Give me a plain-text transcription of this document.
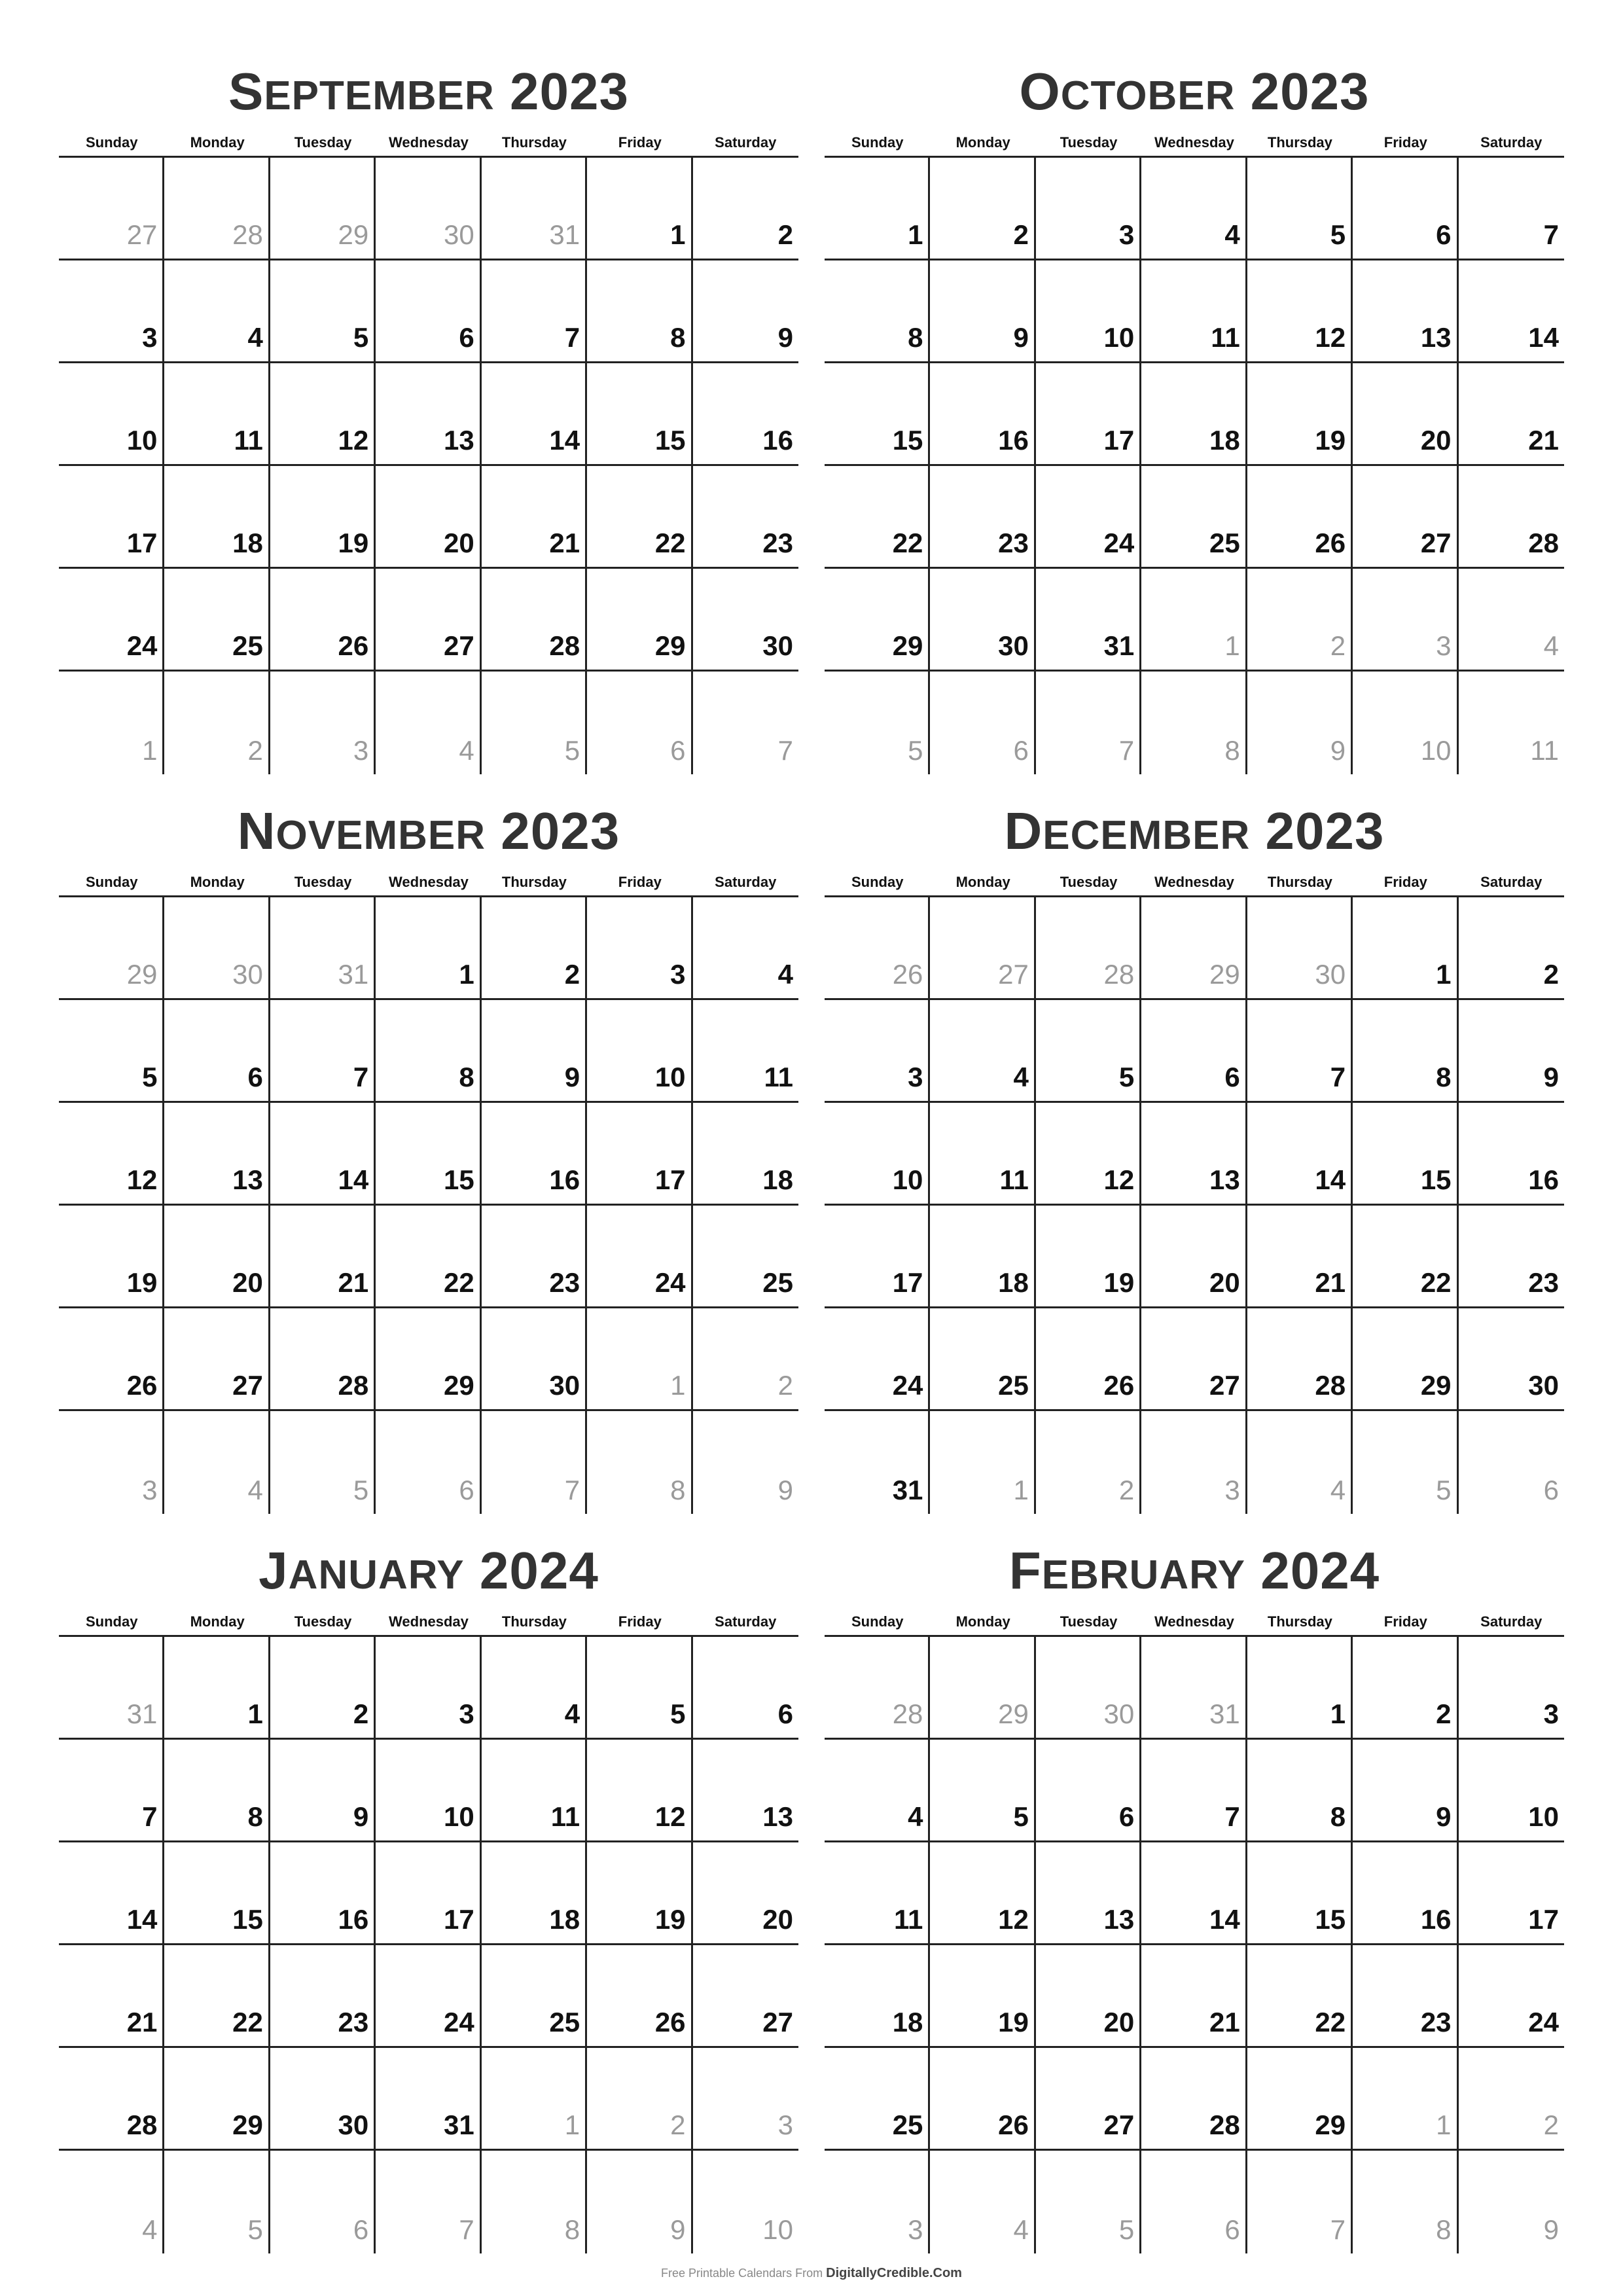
SEPTEMBER 2023
Sunday	Monday	Tuesday	Wednesday	Thursday	Friday	Saturday
27	28	29	30	31	1	2
3	4	5	6	7	8	9
10	11	12	13	14	15	16
17	18	19	20	21	22	23
24	25	26	27	28	29	30
1	2	3	4	5	6	7
OCTOBER 2023
Sunday	Monday	Tuesday	Wednesday	Thursday	Friday	Saturday
1	2	3	4	5	6	7
8	9	10	11	12	13	14
15	16	17	18	19	20	21
22	23	24	25	26	27	28
29	30	31	1	2	3	4
5	6	7	8	9	10	11
NOVEMBER 2023
Sunday	Monday	Tuesday	Wednesday	Thursday	Friday	Saturday
29	30	31	1	2	3	4
5	6	7	8	9	10	11
12	13	14	15	16	17	18
19	20	21	22	23	24	25
26	27	28	29	30	1	2
3	4	5	6	7	8	9
DECEMBER 2023
Sunday	Monday	Tuesday	Wednesday	Thursday	Friday	Saturday
26	27	28	29	30	1	2
3	4	5	6	7	8	9
10	11	12	13	14	15	16
17	18	19	20	21	22	23
24	25	26	27	28	29	30
31	1	2	3	4	5	6
JANUARY 2024
Sunday	Monday	Tuesday	Wednesday	Thursday	Friday	Saturday
31	1	2	3	4	5	6
7	8	9	10	11	12	13
14	15	16	17	18	19	20
21	22	23	24	25	26	27
28	29	30	31	1	2	3
4	5	6	7	8	9	10
FEBRUARY 2024
Sunday	Monday	Tuesday	Wednesday	Thursday	Friday	Saturday
28	29	30	31	1	2	3
4	5	6	7	8	9	10
11	12	13	14	15	16	17
18	19	20	21	22	23	24
25	26	27	28	29	1	2
3	4	5	6	7	8	9
Free Printable Calendars From DigitallyCredible.Com
